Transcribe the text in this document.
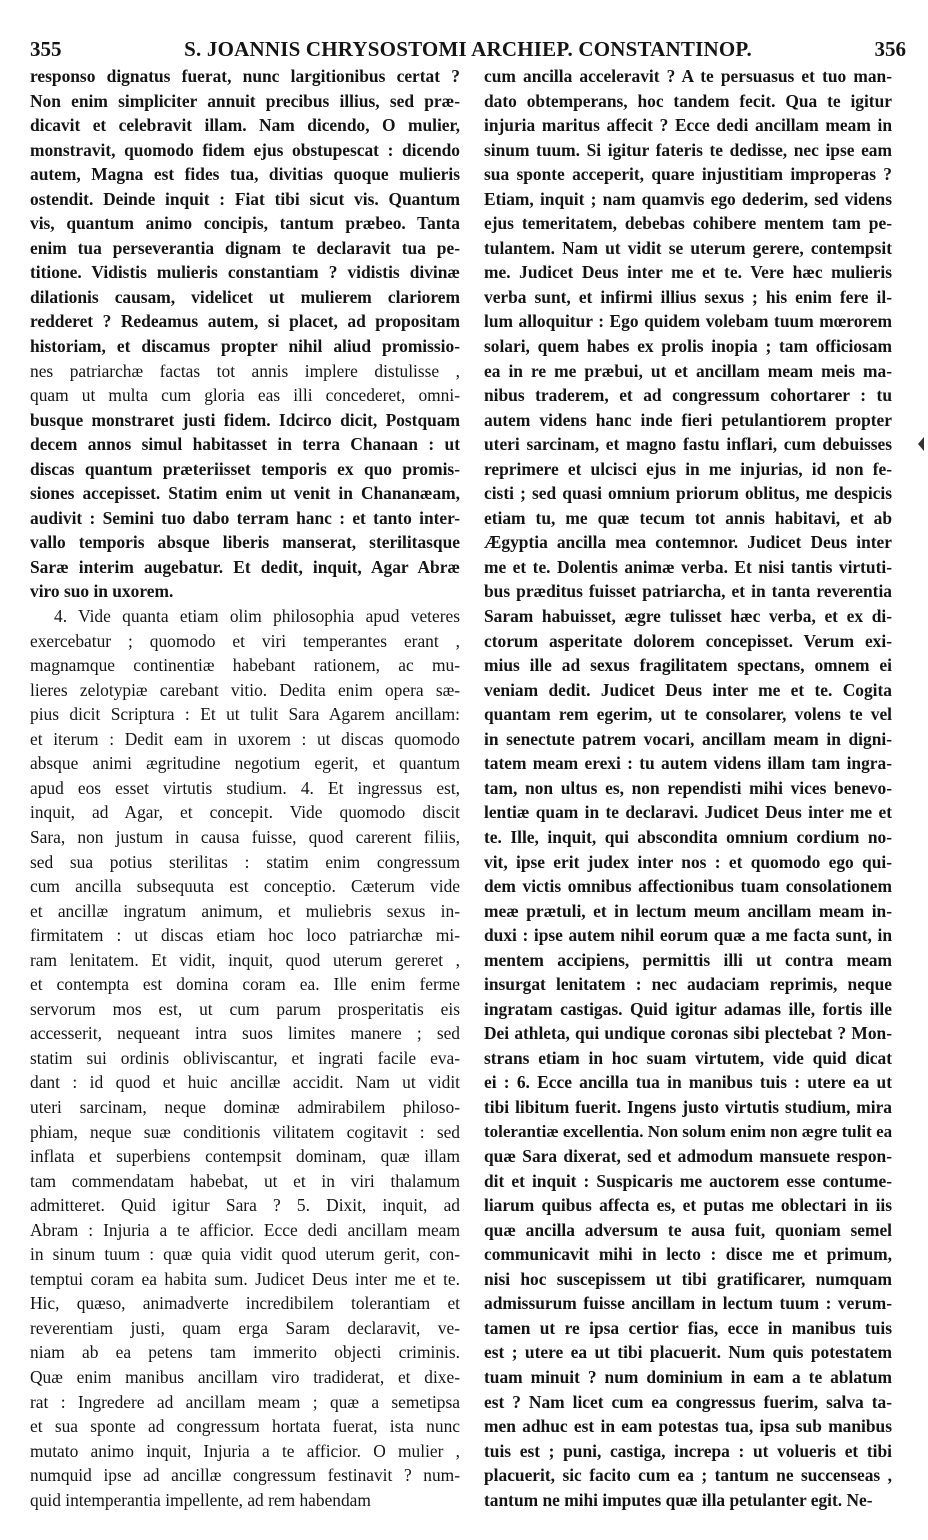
355	S. JOANNIS CHRYSOSTOMI ARCHIEP. CONSTANTINOP.	356
responso dignatus fuerat, nunc largitionibus certat ?
Non enim simpliciter annuit precibus illius, sed præ-
dicavit et celebravit illam. Nam dicendo, O mulier,
monstravit, quomodo fidem ejus obstupescat : dicendo
autem, Magna est fides tua, divitias quoque mulieris
ostendit. Deinde inquit : Fiat tibi sicut vis. Quantum
vis, quantum animo concipis, tantum præbeo. Tanta
enim tua perseverantia dignam te declaravit tua pe-
titione. Vidistis mulieris constantiam ? vidistis divinæ
dilationis causam, videlicet ut mulierem clariorem
redderet ? Redeamus autem, si placet, ad propositam
historiam, et discamus propter nihil aliud promissio-
nes patriarchæ factas tot annis implere distulisse ,
quam ut multa cum gloria eas illi concederet, omni-
busque monstraret justi fidem. Idcirco dicit, Postquam
decem annos simul habitasset in terra Chanaan : ut
discas quantum præteriisset temporis ex quo promis-
siones accepisset. Statim enim ut venit in Chananæam,
audivit : Semini tuo dabo terram hanc : et tanto inter-
vallo temporis absque liberis manserat, sterilitasque
Saræ interim augebatur. Et dedit, inquit, Agar Abræ
viro suo in uxorem.
4. Vide quanta etiam olim philosophia apud veteres
exercebatur ; quomodo et viri temperantes erant ,
magnamque continentiæ habebant rationem, ac mu-
lieres zelotypiæ carebant vitio. Dedita enim opera sæ-
pius dicit Scriptura : Et ut tulit Sara Agarem ancillam:
et iterum : Dedit eam in uxorem : ut discas quomodo
absque animi ægritudine negotium egerit, et quantum
apud eos esset virtutis studium. 4. Et ingressus est,
inquit, ad Agar, et concepit. Vide quomodo discit
Sara, non justum in causa fuisse, quod carerent filiis,
sed sua potius sterilitas : statim enim congressum
cum ancilla subsequuta est conceptio. Cæterum vide
et ancillæ ingratum animum, et muliebris sexus in-
firmitatem : ut discas etiam hoc loco patriarchæ mi-
ram lenitatem. Et vidit, inquit, quod uterum gereret ,
et contempta est domina coram ea. Ille enim ferme
servorum mos est, ut cum parum prosperitatis eis
accesserit, nequeant intra suos limites manere ; sed
statim sui ordinis obliviscantur, et ingrati facile eva-
dant : id quod et huic ancillæ accidit. Nam ut vidit
uteri sarcinam, neque dominæ admirabilem philoso-
phiam, neque suæ conditionis vilitatem cogitavit : sed
inflata et superbiens contempsit dominam, quæ illam
tam commendatam habebat, ut et in viri thalamum
admitteret. Quid igitur Sara ? 5. Dixit, inquit, ad
Abram : Injuria a te afficior. Ecce dedi ancillam meam
in sinum tuum : quæ quia vidit quod uterum gerit, con-
temptui coram ea habita sum. Judicet Deus inter me et te.
Hic, quæso, animadverte incredibilem tolerantiam et
reverentiam justi, quam erga Saram declaravit, ve-
niam ab ea petens tam immerito objecti criminis.
Quæ enim manibus ancillam viro tradiderat, et dixe-
rat : Ingredere ad ancillam meam ; quæ a semetipsa
et sua sponte ad congressum hortata fuerat, ista nunc
mutato animo inquit, Injuria a te afficior. O mulier ,
numquid ipse ad ancillæ congressum festinavit ? num-
quid intemperantia impellente, ad rem habendam
cum ancilla acceleravit ? A te persuasus et tuo man-
dato obtemperans, hoc tandem fecit. Qua te igitur
injuria maritus affecit ? Ecce dedi ancillam meam in
sinum tuum. Si igitur fateris te dedisse, nec ipse eam
sua sponte acceperit, quare injustitiam improperas ?
Etiam, inquit ; nam quamvis ego dederim, sed videns
ejus temeritatem, debebas cohibere mentem tam pe-
tulantem. Nam ut vidit se uterum gerere, contempsit
me. Judicet Deus inter me et te. Vere hæc mulieris
verba sunt, et infirmi illius sexus ; his enim fere il-
lum alloquitur : Ego quidem volebam tuum mœrorem
solari, quem habes ex prolis inopia ; tam officiosam
ea in re me præbui, ut et ancillam meam meis ma-
nibus traderem, et ad congressum cohortarer : tu
autem videns hanc inde fieri petulantiorem propter
uteri sarcinam, et magno fastu inflari, cum debuisses
reprimere et ulcisci ejus in me injurias, id non fe-
cisti ; sed quasi omnium priorum oblitus, me despicis
etiam tu, me quæ tecum tot annis habitavi, et ab
Ægyptia ancilla mea contemnor. Judicet Deus inter
me et te. Dolentis animæ verba. Et nisi tantis virtuti-
bus præditus fuisset patriarcha, et in tanta reverentia
Saram habuisset, ægre tulisset hæc verba, et ex di-
ctorum asperitate dolorem concepisset. Verum exi-
mius ille ad sexus fragilitatem spectans, omnem ei
veniam dedit. Judicet Deus inter me et te. Cogita
quantam rem egerim, ut te consolarer, volens te vel
in senectute patrem vocari, ancillam meam in digni-
tatem meam erexi : tu autem videns illam tam ingra-
tam, non ultus es, non rependisti mihi vices benevo-
lentiæ quam in te declaravi. Judicet Deus inter me et
te. Ille, inquit, qui abscondita omnium cordium no-
vit, ipse erit judex inter nos : et quomodo ego qui-
dem victis omnibus affectionibus tuam consolationem
meæ prætuli, et in lectum meum ancillam meam in-
duxi : ipse autem nihil eorum quæ a me facta sunt, in
mentem accipiens, permittis illi ut contra meam
insurgat lenitatem : nec audaciam reprimis, neque
ingratam castigas. Quid igitur adamas ille, fortis ille
Dei athleta, qui undique coronas sibi plectebat ? Mon-
strans etiam in hoc suam virtutem, vide quid dicat
ei : 6. Ecce ancilla tua in manibus tuis : utere ea ut
tibi libitum fuerit. Ingens justo virtutis studium, mira
tolerantiæ excellentia. Non solum enim non ægre tulit ea
quæ Sara dixerat, sed et admodum mansuete respon-
dit et inquit : Suspicaris me auctorem esse contume-
liarum quibus affecta es, et putas me oblectari in iis
quæ ancilla adversum te ausa fuit, quoniam semel
communicavit mihi in lecto : disce me et primum,
nisi hoc suscepissem ut tibi gratificarer, numquam
admissurum fuisse ancillam in lectum tuum : verum-
tamen ut re ipsa certior fias, ecce in manibus tuis
est ; utere ea ut tibi placuerit. Num quis potestatem
tuam minuit ? num dominium in eam a te ablatum
est ? Nam licet cum ea congressus fuerim, salva ta-
men adhuc est in eam potestas tua, ipsa sub manibus
tuis est ; puni, castiga, increpa : ut volueris et tibi
placuerit, sic facito cum ea ; tantum ne succenseas ,
tantum ne mihi imputes quæ illa petulanter egit. Ne-
